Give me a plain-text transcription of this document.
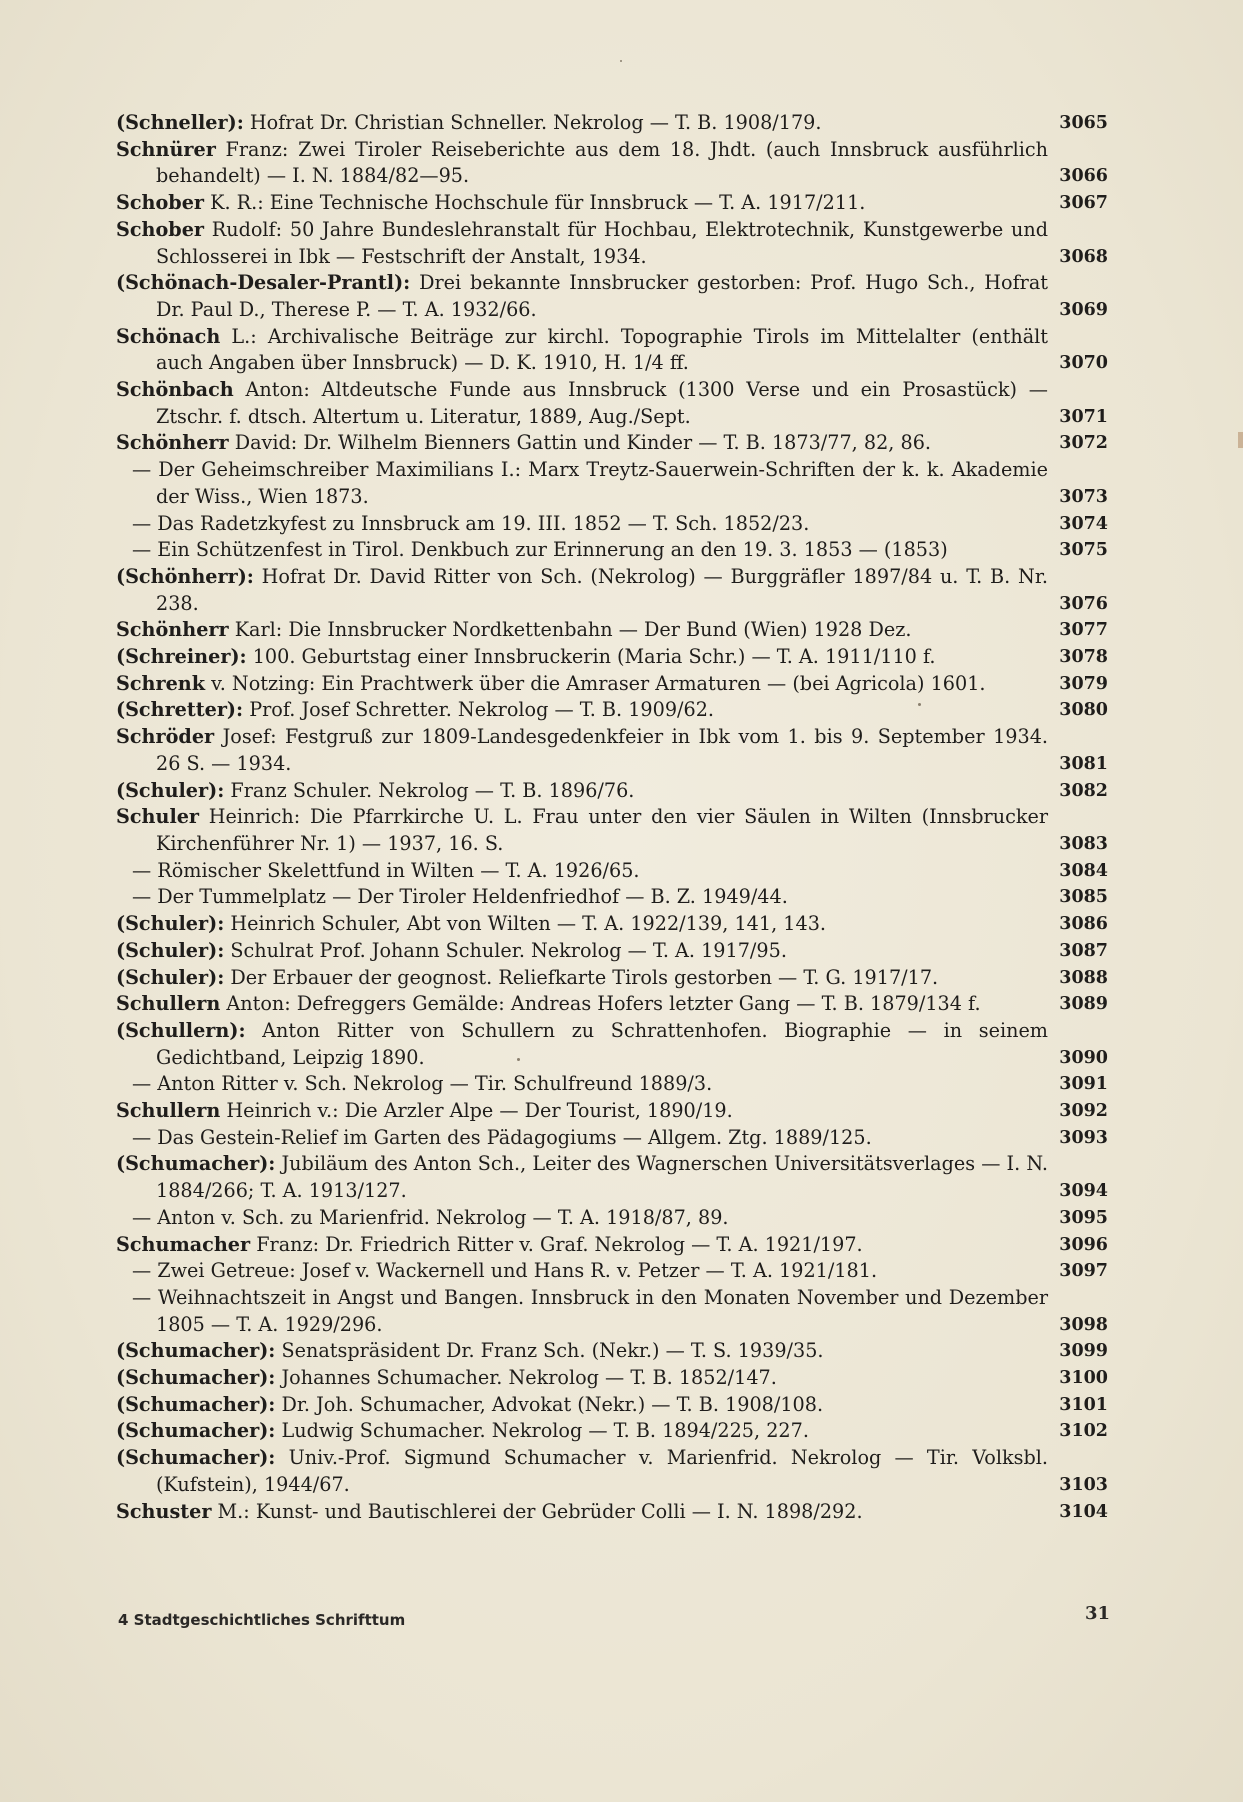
(Schneller): Hofrat Dr. Christian Schneller. Nekrolog — T. B. 1908/179.	3065
Schnürer Franz: Zwei Tiroler Reiseberichte aus dem 18. Jhdt. (auch Innsbruck ausführlich behandelt) — I. N. 1884/82—95.	3066
Schober K. R.: Eine Technische Hochschule für Innsbruck — T. A. 1917/211.	3067
Schober Rudolf: 50 Jahre Bundeslehranstalt für Hochbau, Elektrotechnik, Kunstgewerbe und Schlosserei in Ibk — Festschrift der Anstalt, 1934.	3068
(Schönach-Desaler-Prantl): Drei bekannte Innsbrucker gestorben: Prof. Hugo Sch., Hofrat Dr. Paul D., Therese P. — T. A. 1932/66.	3069
Schönach L.: Archivalische Beiträge zur kirchl. Topographie Tirols im Mittelalter (enthält auch Angaben über Innsbruck) — D. K. 1910, H. 1/4 ff.	3070
Schönbach Anton: Altdeutsche Funde aus Innsbruck (1300 Verse und ein Prosastück) — Ztschr. f. dtsch. Altertum u. Literatur, 1889, Aug./Sept.	3071
Schönherr David: Dr. Wilhelm Bienners Gattin und Kinder — T. B. 1873/77, 82, 86.	3072
— Der Geheimschreiber Maximilians I.: Marx Treytz-Sauerwein-Schriften der k. k. Akademie der Wiss., Wien 1873.	3073
— Das Radetzkyfest zu Innsbruck am 19. III. 1852 — T. Sch. 1852/23.	3074
— Ein Schützenfest in Tirol. Denkbuch zur Erinnerung an den 19. 3. 1853 — (1853)	3075
(Schönherr): Hofrat Dr. David Ritter von Sch. (Nekrolog) — Burggräfler 1897/84 u. T. B. Nr. 238.	3076
Schönherr Karl: Die Innsbrucker Nordkettenbahn — Der Bund (Wien) 1928 Dez.	3077
(Schreiner): 100. Geburtstag einer Innsbruckerin (Maria Schr.) — T. A. 1911/110 f.	3078
Schrenk v. Notzing: Ein Prachtwerk über die Amraser Armaturen — (bei Agricola) 1601.	3079
(Schretter): Prof. Josef Schretter. Nekrolog — T. B. 1909/62.	3080
Schröder Josef: Festgruß zur 1809-Landesgedenkfeier in Ibk vom 1. bis 9. September 1934. 26 S. — 1934.	3081
(Schuler): Franz Schuler. Nekrolog — T. B. 1896/76.	3082
Schuler Heinrich: Die Pfarrkirche U. L. Frau unter den vier Säulen in Wilten (Innsbrucker Kirchenführer Nr. 1) — 1937, 16. S.	3083
— Römischer Skelettfund in Wilten — T. A. 1926/65.	3084
— Der Tummelplatz — Der Tiroler Heldenfriedhof — B. Z. 1949/44.	3085
(Schuler): Heinrich Schuler, Abt von Wilten — T. A. 1922/139, 141, 143.	3086
(Schuler): Schulrat Prof. Johann Schuler. Nekrolog — T. A. 1917/95.	3087
(Schuler): Der Erbauer der geognost. Reliefkarte Tirols gestorben — T. G. 1917/17.	3088
Schullern Anton: Defreggers Gemälde: Andreas Hofers letzter Gang — T. B. 1879/134 f.	3089
(Schullern): Anton Ritter von Schullern zu Schrattenhofen. Biographie — in seinem Gedichtband, Leipzig 1890.	3090
— Anton Ritter v. Sch. Nekrolog — Tir. Schulfreund 1889/3.	3091
Schullern Heinrich v.: Die Arzler Alpe — Der Tourist, 1890/19.	3092
— Das Gestein-Relief im Garten des Pädagogiums — Allgem. Ztg. 1889/125.	3093
(Schumacher): Jubiläum des Anton Sch., Leiter des Wagnerschen Universitätsverlages — I. N. 1884/266; T. A. 1913/127.	3094
— Anton v. Sch. zu Marienfrid. Nekrolog — T. A. 1918/87, 89.	3095
Schumacher Franz: Dr. Friedrich Ritter v. Graf. Nekrolog — T. A. 1921/197.	3096
— Zwei Getreue: Josef v. Wackernell und Hans R. v. Petzer — T. A. 1921/181.	3097
— Weihnachtszeit in Angst und Bangen. Innsbruck in den Monaten November und Dezember 1805 — T. A. 1929/296.	3098
(Schumacher): Senatspräsident Dr. Franz Sch. (Nekr.) — T. S. 1939/35.	3099
(Schumacher): Johannes Schumacher. Nekrolog — T. B. 1852/147.	3100
(Schumacher): Dr. Joh. Schumacher, Advokat (Nekr.) — T. B. 1908/108.	3101
(Schumacher): Ludwig Schumacher. Nekrolog — T. B. 1894/225, 227.	3102
(Schumacher): Univ.-Prof. Sigmund Schumacher v. Marienfrid. Nekrolog — Tir. Volksbl. (Kufstein), 1944/67.	3103
Schuster M.: Kunst- und Bautischlerei der Gebrüder Colli — I. N. 1898/292.	3104
4 Stadtgeschichtliches Schrifttum	31
